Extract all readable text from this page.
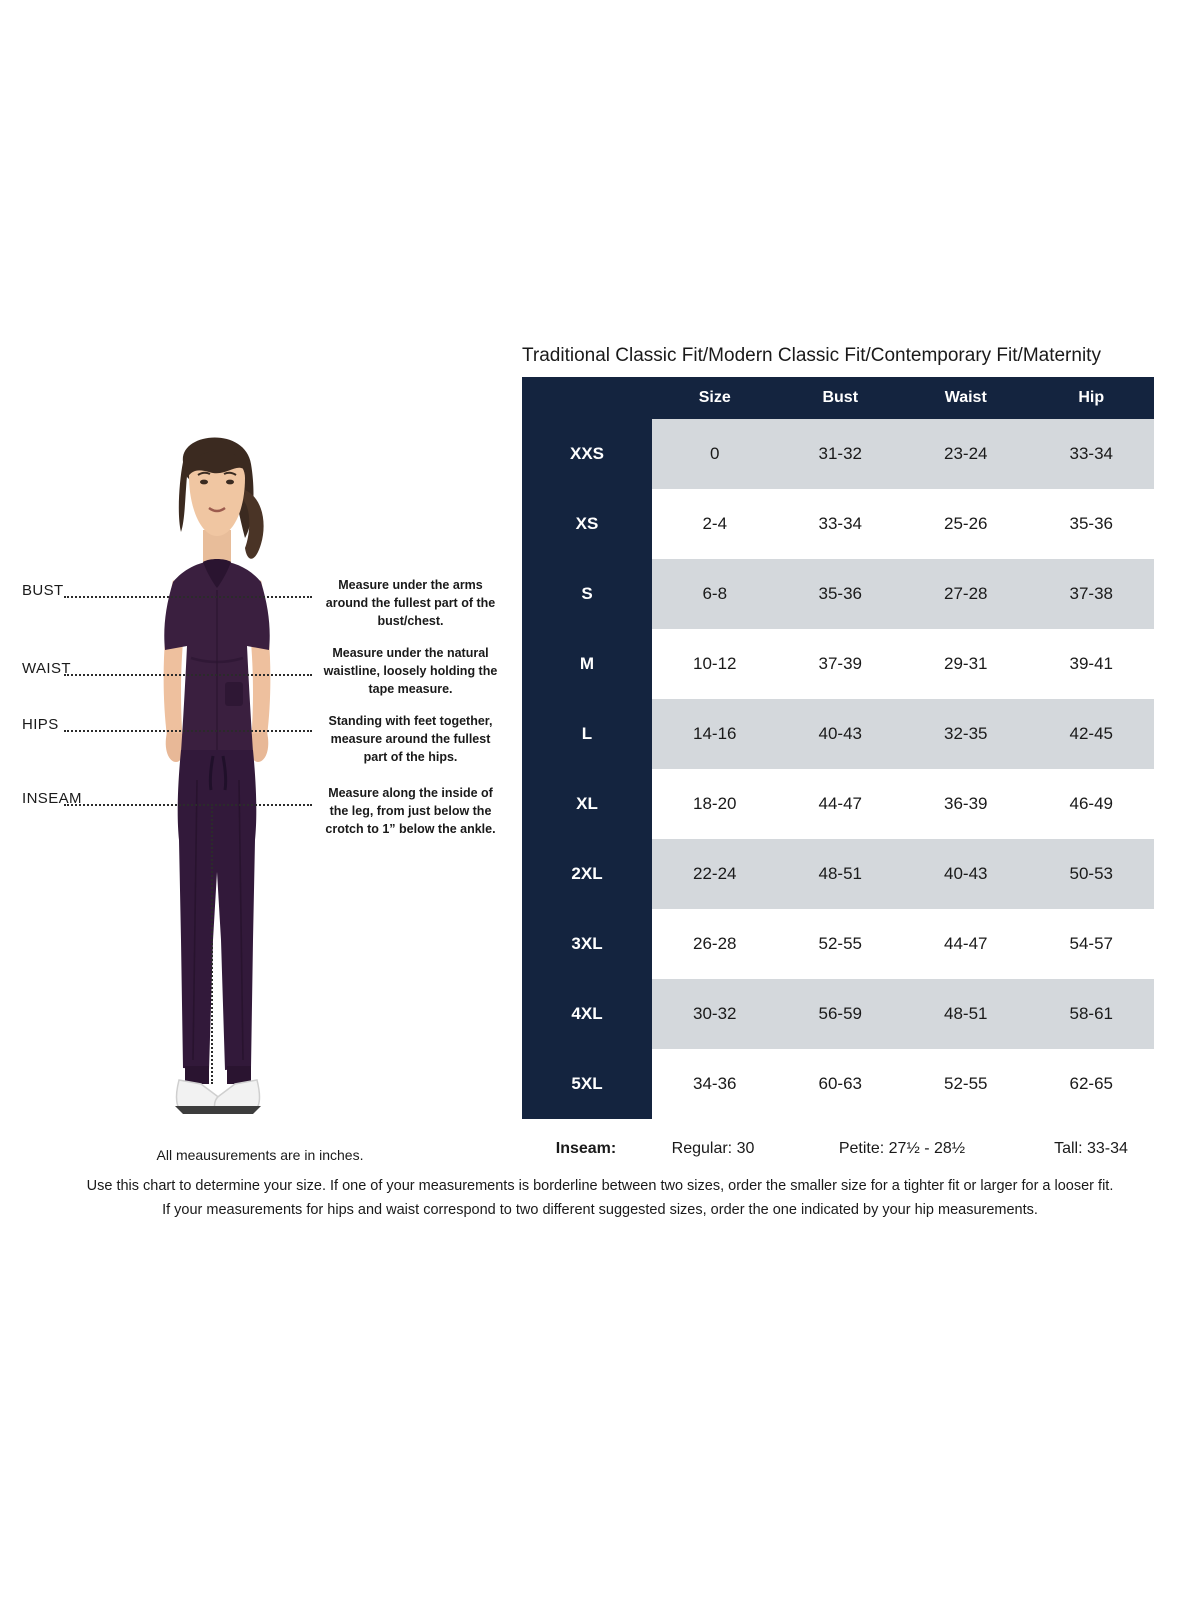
BUST
WAIST
HIPS
INSEAM
Measure under the arms around the fullest part of the bust/chest.
Measure under the natural waistline, loosely holding the tape measure.
Standing with feet together, measure around the fullest part of the hips.
Measure along the inside of the leg, from just below the crotch to 1” below the ankle.
Traditional Classic Fit/Modern Classic Fit/Contemporary Fit/Maternity
	Size	Bust	Waist	Hip
XXS	0	31-32	23-24	33-34
XS	2-4	33-34	25-26	35-36
S	6-8	35-36	27-28	37-38
M	10-12	37-39	29-31	39-41
L	14-16	40-43	32-35	42-45
XL	18-20	44-47	36-39	46-49
2XL	22-24	48-51	40-43	50-53
3XL	26-28	52-55	44-47	54-57
4XL	30-32	56-59	48-51	58-61
5XL	34-36	60-63	52-55	62-65
Inseam:	Regular: 30	Petite: 27½ - 28½	Tall: 33-34
All meausurements are in inches.
Use this chart to determine your size. If one of your measurements is borderline between two sizes, order the smaller size for a tighter fit or larger for a looser fit.
If your measurements for hips and waist correspond to two different suggested sizes, order the one indicated by your hip measurements.
